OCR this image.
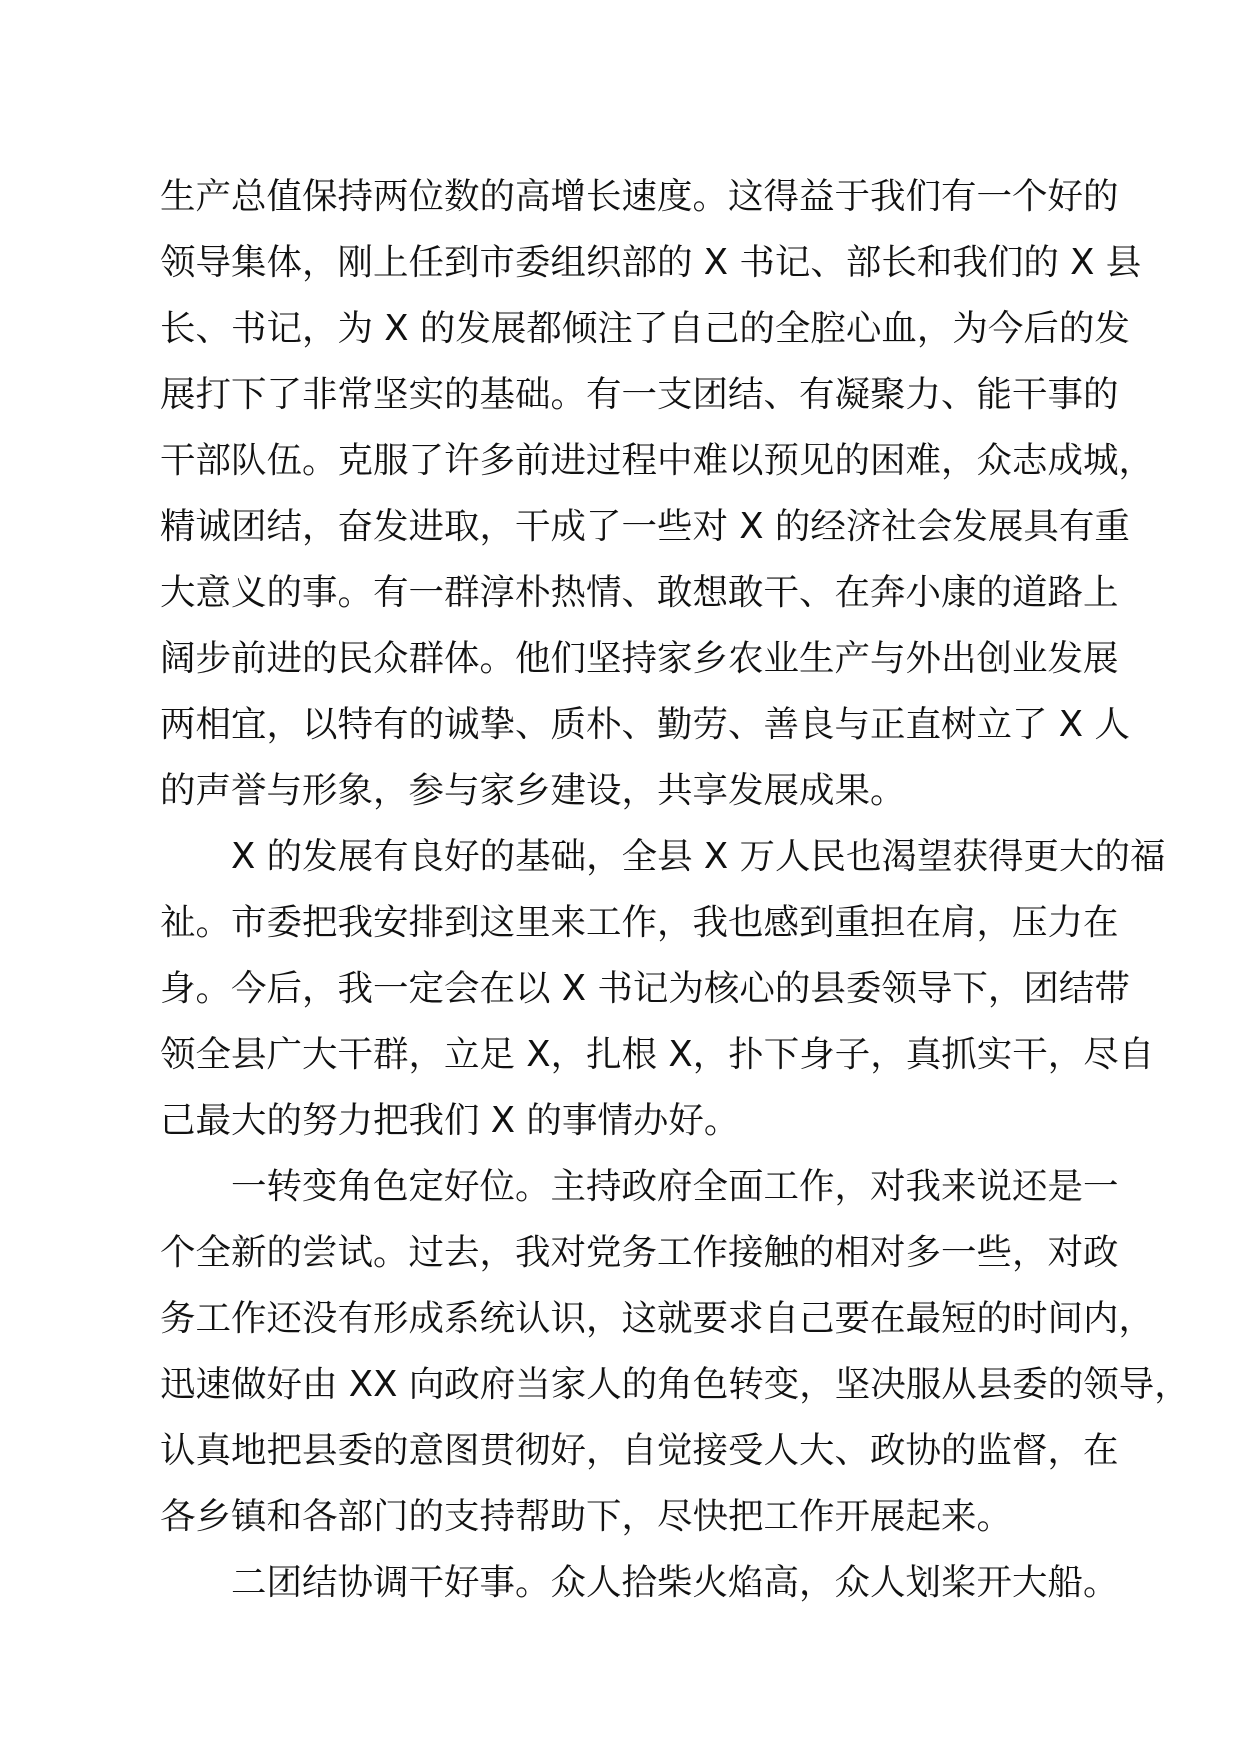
生产总值保持两位数的高增长速度。这得益于我们有一个好的
领导集体，刚上任到市委组织部的 X 书记、部长和我们的 X 县
长、书记，为 X 的发展都倾注了自己的全腔心血，为今后的发
展打下了非常坚实的基础。有一支团结、有凝聚力、能干事的
干部队伍。克服了许多前进过程中难以预见的困难，众志成城，
精诚团结，奋发进取，干成了一些对 X 的经济社会发展具有重
大意义的事。有一群淳朴热情、敢想敢干、在奔小康的道路上
阔步前进的民众群体。他们坚持家乡农业生产与外出创业发展
两相宜，以特有的诚挚、质朴、勤劳、善良与正直树立了 X 人
的声誉与形象，参与家乡建设，共享发展成果。
X 的发展有良好的基础，全县 X 万人民也渴望获得更大的福
祉。市委把我安排到这里来工作，我也感到重担在肩，压力在
身。今后，我一定会在以 X 书记为核心的县委领导下，团结带
领全县广大干群，立足 X，扎根 X，扑下身子，真抓实干，尽自
己最大的努力把我们 X 的事情办好。
一转变角色定好位。主持政府全面工作，对我来说还是一
个全新的尝试。过去，我对党务工作接触的相对多一些，对政
务工作还没有形成系统认识，这就要求自己要在最短的时间内，
迅速做好由 XX 向政府当家人的角色转变，坚决服从县委的领导，
认真地把县委的意图贯彻好，自觉接受人大、政协的监督，在
各乡镇和各部门的支持帮助下，尽快把工作开展起来。
二团结协调干好事。众人拾柴火焰高，众人划桨开大船。
